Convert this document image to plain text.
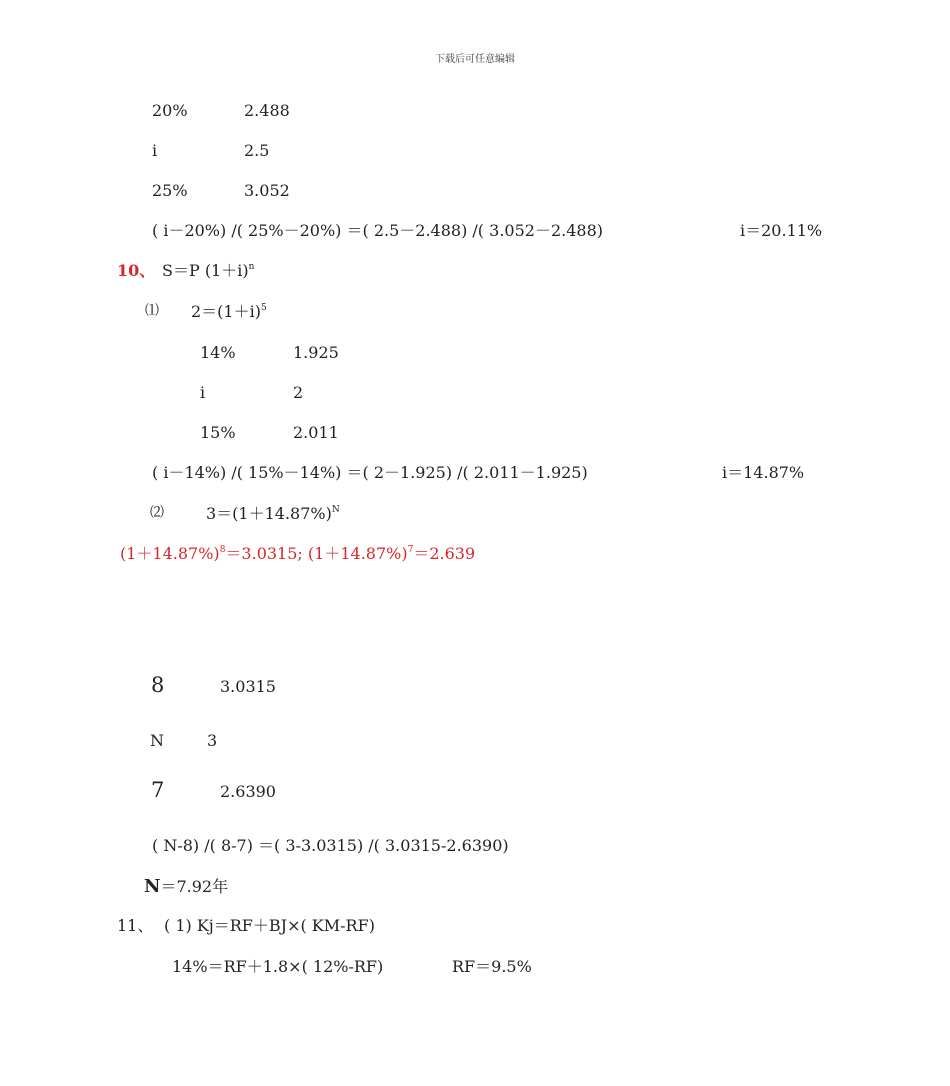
下载后可任意编辑
20%	2.488
i	2.5
25%	3.052
( i－20%) /( 25%－20%) ＝( 2.5－2.488) /( 3.052－2.488)	i＝20.11%
10、 S＝P $(1+i)^n$
⑴ $2=(1+i)^5$
14%	1.925
i	2
15%	2.011
( i－14%) /( 15%－14%) ＝( 2－1.925) /( 2.011－1.925)	i＝14.87%
⑵	$3=(1+14.87\%)^N$
$(1+14.87\%)^8=3.0315$; $(1+14.87\%)^7=2.639$
8	3.0315
N	3
7	2.6390
( N-8) /( 8-7) ＝( 3-3.0315) /( 3.0315-2.6390)
N＝7.92年
11、 ( 1) Kj＝RF＋BJ×( KM-RF)
14%＝RF＋1.8×( 12%-RF)	RF＝9.5%
